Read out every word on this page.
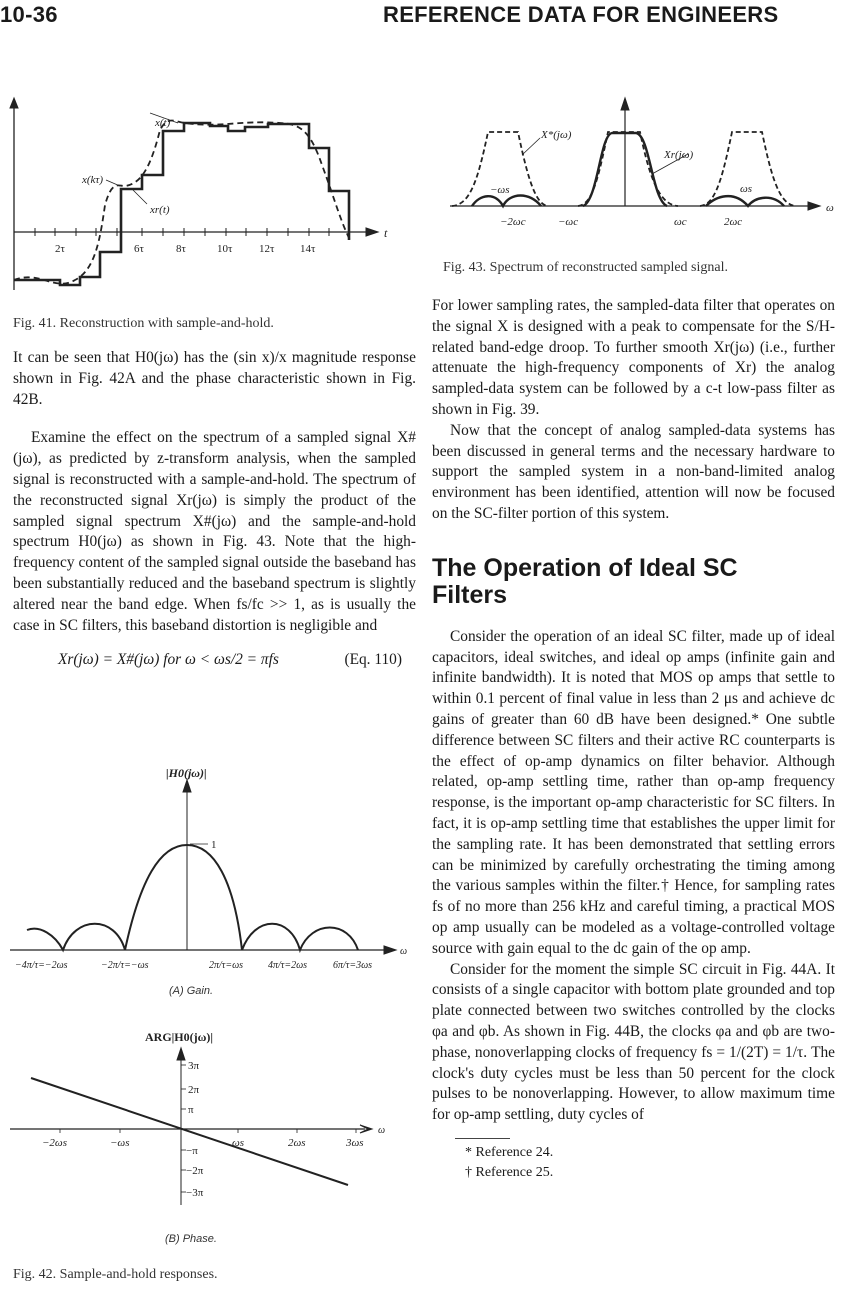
10-36	REFERENCE DATA FOR ENGINEERS
x(t)
x(kτ)
xr(t)
t
2τ	6τ	8τ	10τ 12τ 14τ
Fig. 41. Reconstruction with sample-and-hold.
X*(jω)
Xr(jω)
−ωs	ωs
ω
−2ωc	−ωc	ωc	2ωc
Fig. 43. Spectrum of reconstructed sampled signal.

It can be seen that H0(jω) has the (sin x)/x magnitude response shown in Fig. 42A and the phase characteristic shown in Fig. 42B.

Examine the effect on the spectrum of a sampled signal X#(jω), as predicted by z-transform analysis, when the sampled signal is reconstructed with a sample-and-hold. The spectrum of the reconstructed signal Xr(jω) is simply the product of the sampled signal spectrum X#(jω) and the sample-and-hold spectrum H0(jω) as shown in Fig. 43. Note that the high-frequency content of the sampled signal outside the baseband has been substantially reduced and the baseband spectrum is slightly altered near the band edge. When fs/fc >> 1, as is usually the case in SC filters, this baseband distortion is negligible and

Xr(jω) = X#(jω) for ω < ωs/2 = πfs	(Eq. 110)
|H0(jω)|
1
ω
−4π/τ=−2ωs	−2π/τ=−ωs	2π/τ=ωs 4π/τ=2ωs	6π/τ=3ωs
(A) Gain.
ARG|H0(jω)|
ω
3π
2π
π
−π
−2π
−3π
−2ωs	−ωs	ωs	2ωs	3ωs
(B) Phase.
Fig. 42. Sample-and-hold responses.

For lower sampling rates, the sampled-data filter that operates on the signal X is designed with a peak to compensate for the S/H-related band-edge droop. To further smooth Xr(jω) (i.e., further attenuate the high-frequency components of Xr) the analog sampled-data system can be followed by a c-t low-pass filter as shown in Fig. 39.

Now that the concept of analog sampled-data systems has been discussed in general terms and the necessary hardware to support the sampled system in a non-band-limited analog environment has been identified, attention will now be focused on the SC-filter portion of this system.

The Operation of Ideal SC Filters

Consider the operation of an ideal SC filter, made up of ideal capacitors, ideal switches, and ideal op amps (infinite gain and infinite bandwidth). It is noted that MOS op amps that settle to within 0.1 percent of final value in less than 2 μs and achieve dc gains of greater than 60 dB have been designed.* One subtle difference between SC filters and their active RC counterparts is the effect of op-amp dynamics on filter behavior. Although related, op-amp settling time, rather than op-amp frequency response, is the important op-amp characteristic for SC filters. In fact, it is op-amp settling time that establishes the upper limit for the sampling rate. It has been demonstrated that settling errors can be minimized by carefully orchestrating the timing among the various samples within the filter.† Hence, for sampling rates fs of no more than 256 kHz and careful timing, a practical MOS op amp usually can be modeled as a voltage-controlled voltage source with gain equal to the dc gain of the op amp.

Consider for the moment the simple SC circuit in Fig. 44A. It consists of a single capacitor with bottom plate grounded and top plate connected between two switches controlled by the clocks φa and φb. As shown in Fig. 44B, the clocks φa and φb are two-phase, nonoverlapping clocks of frequency fs = 1/(2T) = 1/τ. The clock's duty cycles must be less than 50 percent for the clock pulses to be nonoverlapping. However, to allow maximum time for op-amp settling, duty cycles of

* Reference 24.
† Reference 25.
